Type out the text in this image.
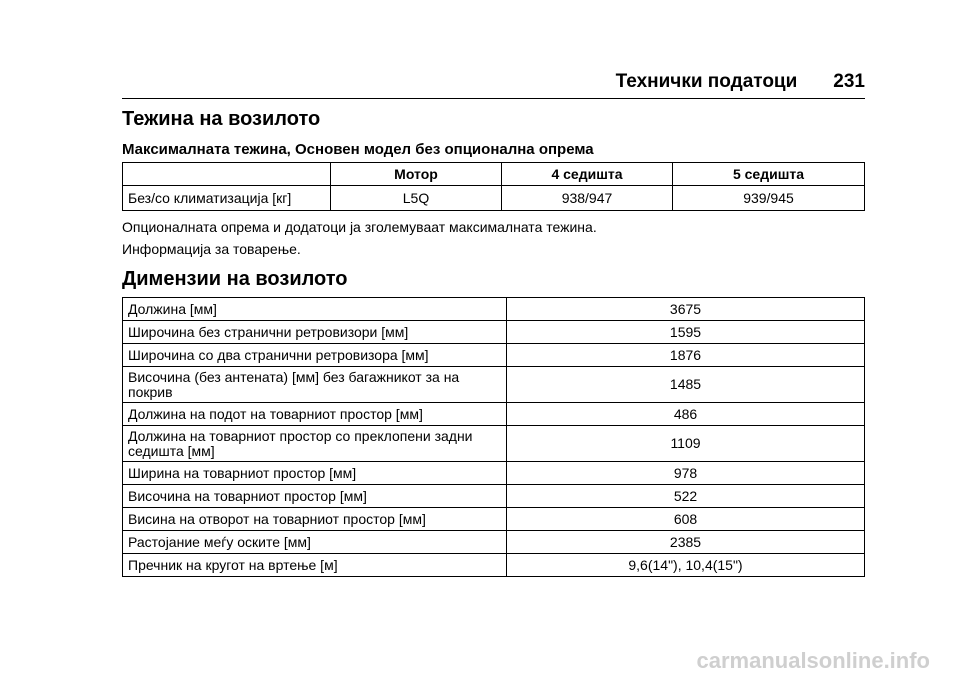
Технички податоци 231
Тежина на возилото
Максималната тежина, Основен модел без опционална опрема
	Мотор	4 седишта	5 седишта
Без/со климатизација [кг]	L5Q	938/947	939/945

Опционалната опрема и додатоци ја зголемуваат максималната тежина.

Информација за товарење.

Димензии на возилото
Должина [мм]	3675
Широчина без странични ретровизори [мм]	1595
Широчина со два странични ретровизора [мм]	1876
Височина (без антената) [мм] без багажникот за на покрив	1485
Должина на подот на товарниот простор [мм]	486
Должина на товарниот простор со преклопени задни седишта [мм]	1109
Ширина на товарниот простор [мм]	978
Височина на товарниот простор [мм]	522
Висина на отворот на товарниот простор [мм]	608
Растојание меѓу оските [мм]	2385
Пречник на кругот на вртење [м]	9,6(14"), 10,4(15")
carmanualsonline.info
